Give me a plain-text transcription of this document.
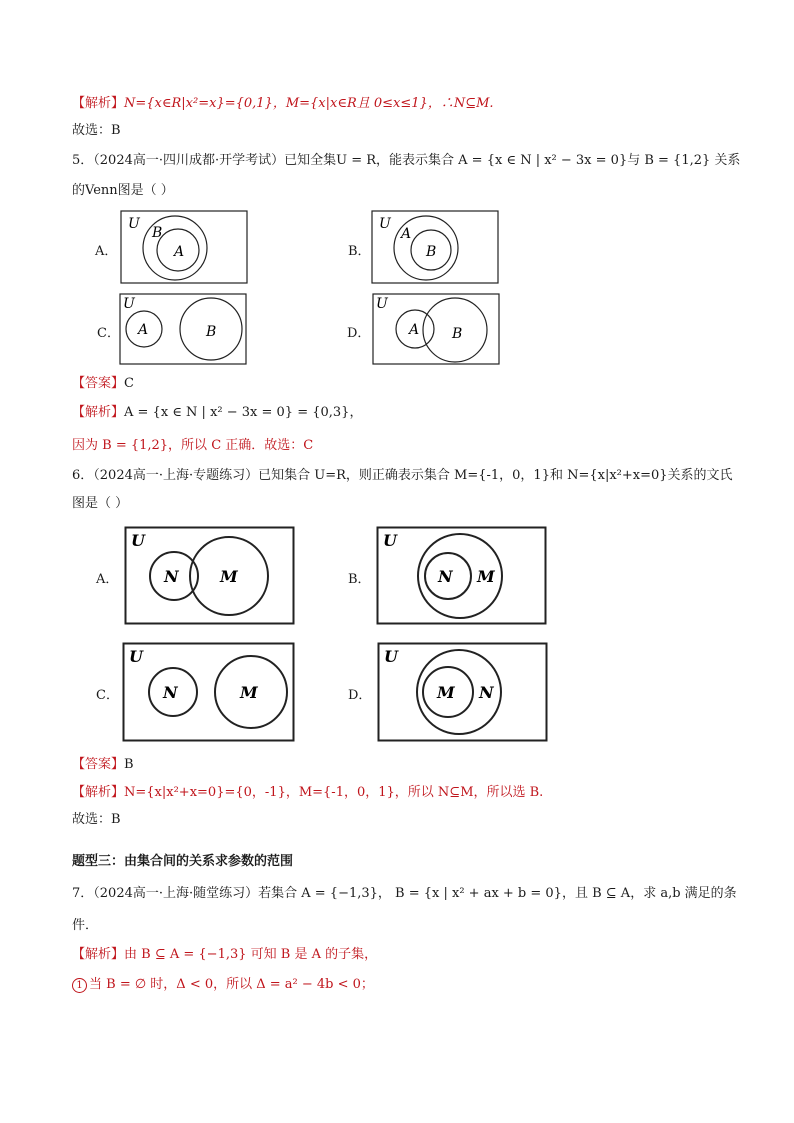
【解析】N={x∈R|x²=x}={0,1}，M={x|x∈R且 0≤x≤1}，∴N⊆M.
故选：B
5．（2024高一·四川成都·开学考试）已知全集U = R，能表示集合 A = {x ∈ N | x² − 3x = 0}与 B = {1,2} 关系
的Venn图是（ ）
A．
U
B
A	B．
U
A
B
C．
U
A	B	D．
U
A B
【答案】C
【解析】A = {x ∈ N | x² − 3x = 0} = {0,3}，
因为 B = {1,2}，所以 C 正确．故选：C
6．（2024高一·上海·专题练习）已知集合 U=R，则正确表示集合 M={-1，0，1}和 N={x|x²+x=0}关系的文氏
图是（ ）
A．
U
N	M	B．
U
N M
C．
U
N	M	D．
U
M N
【答案】B
【解析】N={x|x²+x=0}={0，-1}，M={-1，0，1}，所以 N⊆M，所以选 B.
故选：B
题型三：由集合间的关系求参数的范围
7．（2024高一·上海·随堂练习）若集合 A = {−1,3}， B = {x | x² + ax + b = 0}，且 B ⊆ A，求 a,b 满足的条
件．
【解析】由 B ⊆ A = {−1,3} 可知 B 是 A 的子集，
1 当 B = ∅ 时，Δ < 0，所以 Δ = a² − 4b < 0；
